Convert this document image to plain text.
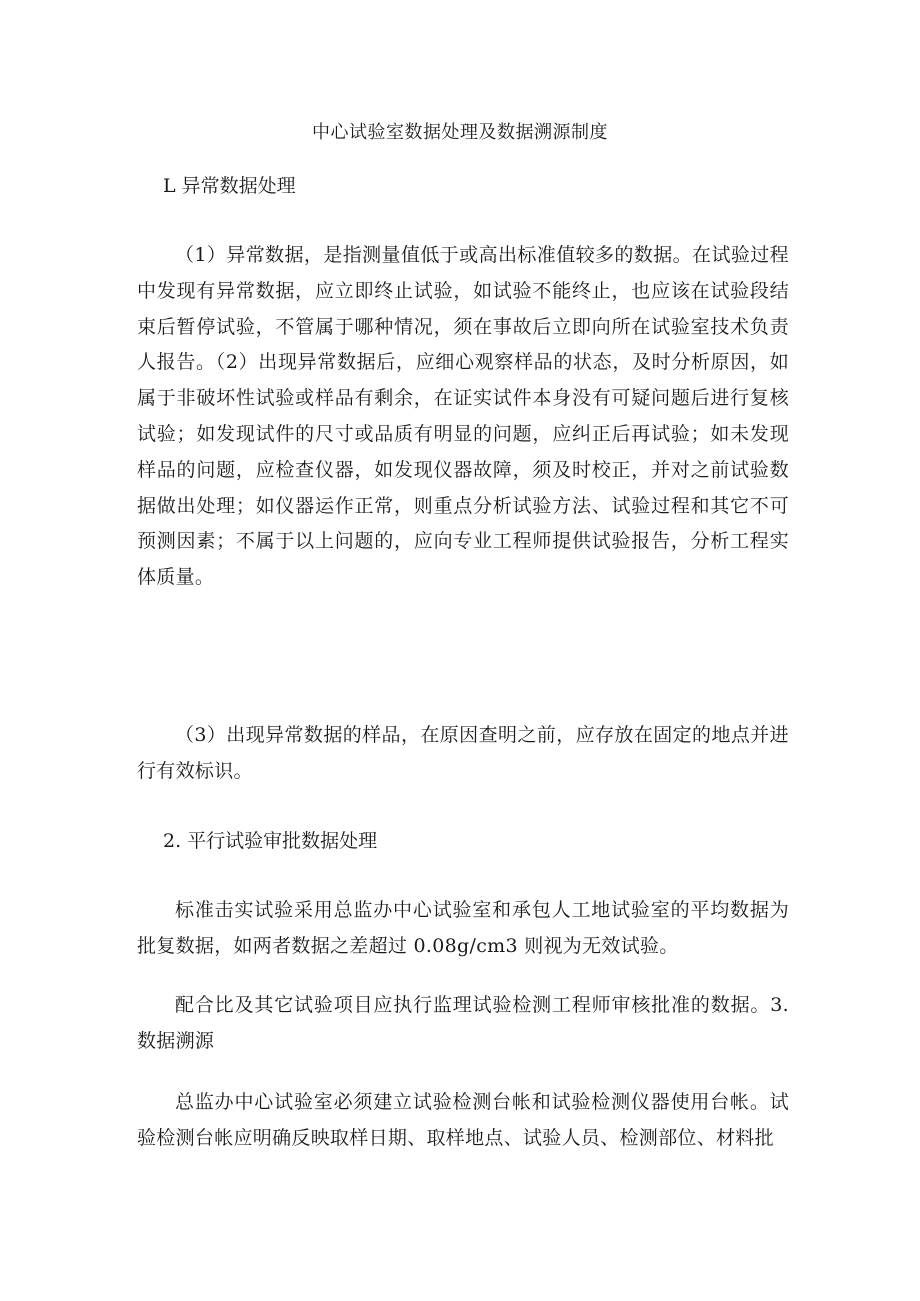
中心试验室数据处理及数据溯源制度
L 异常数据处理

（1）异常数据，是指测量值低于或高出标准值较多的数据。在试验过程中发现有异常数据，应立即终止试验，如试验不能终止，也应该在试验段结束后暂停试验，不管属于哪种情况，须在事故后立即向所在试验室技术负责人报告。（2）出现异常数据后，应细心观察样品的状态，及时分析原因，如属于非破坏性试验或样品有剩余，在证实试件本身没有可疑问题后进行复核试验；如发现试件的尺寸或品质有明显的问题，应纠正后再试验；如未发现样品的问题，应检查仪器，如发现仪器故障，须及时校正，并对之前试验数据做出处理；如仪器运作正常，则重点分析试验方法、试验过程和其它不可预测因素；不属于以上问题的，应向专业工程师提供试验报告，分析工程实体质量。

（3）出现异常数据的样品，在原因查明之前，应存放在固定的地点并进行有效标识。

2. 平行试验审批数据处理

标准击实试验采用总监办中心试验室和承包人工地试验室的平均数据为批复数据，如两者数据之差超过 0.08g∕cm3 则视为无效试验。

配合比及其它试验项目应执行监理试验检测工程师审核批准的数据。3. 数据溯源

总监办中心试验室必须建立试验检测台帐和试验检测仪器使用台帐。试验检测台帐应明确反映取样日期、取样地点、试验人员、检测部位、材料批
